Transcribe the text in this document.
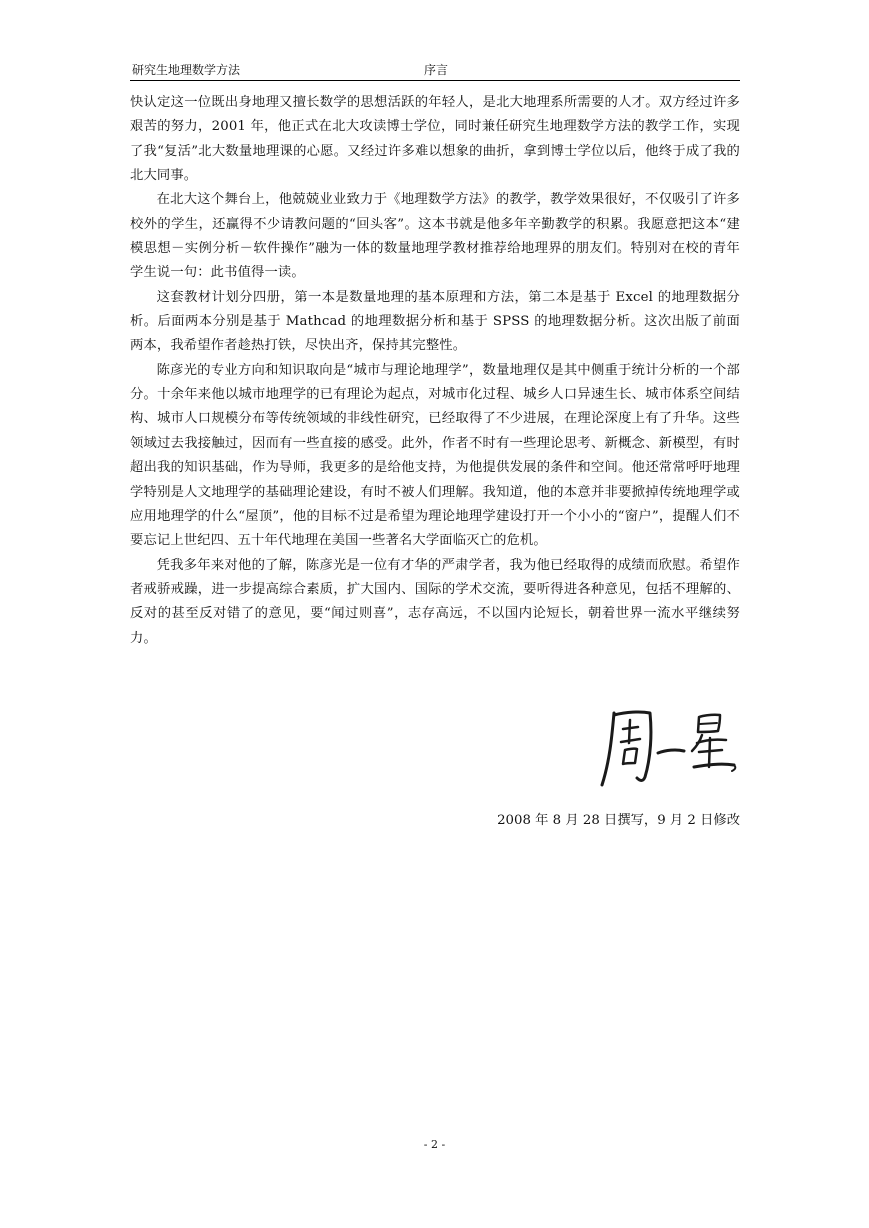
研究生地理数学方法	序言

快认定这一位既出身地理又擅长数学的思想活跃的年轻人，是北大地理系所需要的人才。双方经过许多艰苦的努力，2001 年，他正式在北大攻读博士学位，同时兼任研究生地理数学方法的教学工作，实现了我“复活”北大数量地理课的心愿。又经过许多难以想象的曲折，拿到博士学位以后，他终于成了我的北大同事。

在北大这个舞台上，他兢兢业业致力于《地理数学方法》的教学，教学效果很好，不仅吸引了许多校外的学生，还赢得不少请教问题的“回头客”。这本书就是他多年辛勤教学的积累。我愿意把这本“建模思想－实例分析－软件操作”融为一体的数量地理学教材推荐给地理界的朋友们。特别对在校的青年学生说一句：此书值得一读。

这套教材计划分四册，第一本是数量地理的基本原理和方法，第二本是基于 Excel 的地理数据分析。后面两本分别是基于 Mathcad 的地理数据分析和基于 SPSS 的地理数据分析。这次出版了前面两本，我希望作者趁热打铁，尽快出齐，保持其完整性。

陈彦光的专业方向和知识取向是“城市与理论地理学”，数量地理仅是其中侧重于统计分析的一个部分。十余年来他以城市地理学的已有理论为起点，对城市化过程、城乡人口异速生长、城市体系空间结构、城市人口规模分布等传统领域的非线性研究，已经取得了不少进展，在理论深度上有了升华。这些领域过去我接触过，因而有一些直接的感受。此外，作者不时有一些理论思考、新概念、新模型，有时超出我的知识基础，作为导师，我更多的是给他支持，为他提供发展的条件和空间。他还常常呼吁地理学特别是人文地理学的基础理论建设，有时不被人们理解。我知道，他的本意并非要掀掉传统地理学或应用地理学的什么“屋顶”，他的目标不过是希望为理论地理学建设打开一个小小的“窗户”，提醒人们不要忘记上世纪四、五十年代地理在美国一些著名大学面临灭亡的危机。

凭我多年来对他的了解，陈彦光是一位有才华的严肃学者，我为他已经取得的成绩而欣慰。希望作者戒骄戒躁，进一步提高综合素质，扩大国内、国际的学术交流，要听得进各种意见，包括不理解的、反对的甚至反对错了的意见，要“闻过则喜”，志存高远，不以国内论短长，朝着世界一流水平继续努力。

2008 年 8 月 28 日撰写，9 月 2 日修改
- 2 -
